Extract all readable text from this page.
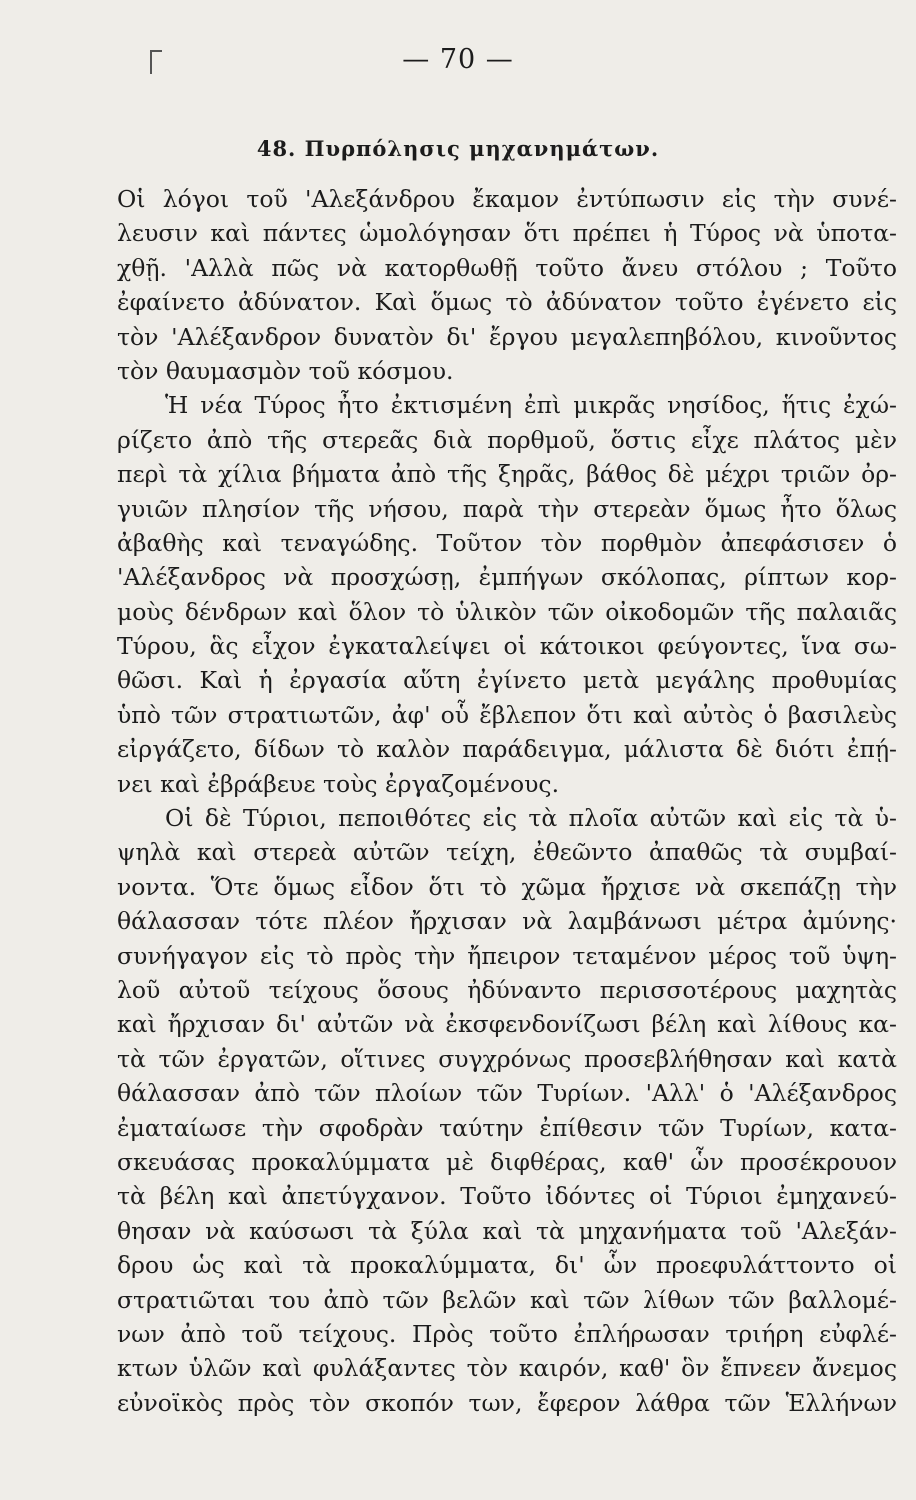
— 70 —
48. Πυρπόλησις μηχανημάτων.
Οἱ λόγοι τοῦ 'Αλεξάνδρου ἔκαμον ἐντύπωσιν εἰς τὴν συνέ-
λευσιν καὶ πάντες ὡμολόγησαν ὅτι πρέπει ἡ Τύρος νὰ ὑποτα-
χθῇ. 'Αλλὰ πῶς νὰ κατορθωθῇ τοῦτο ἄνευ στόλου ; Τοῦτο
ἐφαίνετο ἀδύνατον. Καὶ ὅμως τὸ ἀδύνατον τοῦτο ἐγένετο εἰς
τὸν 'Αλέξανδρον δυνατὸν δι' ἔργου μεγαλεπηβόλου, κινοῦντος
τὸν θαυμασμὸν τοῦ κόσμου.
Ἡ νέα Τύρος ἦτο ἐκτισμένη ἐπὶ μικρᾶς νησίδος, ἥτις ἐχώ-
ρίζετο ἀπὸ τῆς στερεᾶς διὰ πορθμοῦ, ὅστις εἶχε πλάτος μὲν
περὶ τὰ χίλια βήματα ἀπὸ τῆς ξηρᾶς, βάθος δὲ μέχρι τριῶν ὀρ-
γυιῶν πλησίον τῆς νήσου, παρὰ τὴν στερεὰν ὅμως ἦτο ὅλως
ἀβαθὴς καὶ τεναγώδης. Τοῦτον τὸν πορθμὸν ἀπεφάσισεν ὁ
'Αλέξανδρος νὰ προσχώσῃ, ἐμπήγων σκόλοπας, ρίπτων κορ-
μοὺς δένδρων καὶ ὅλον τὸ ὑλικὸν τῶν οἰκοδομῶν τῆς παλαιᾶς
Τύρου, ἃς εἶχον ἐγκαταλείψει οἱ κάτοικοι φεύγοντες, ἵνα σω-
θῶσι. Καὶ ἡ ἐργασία αὕτη ἐγίνετο μετὰ μεγάλης προθυμίας
ὑπὸ τῶν στρατιωτῶν, ἀφ' οὗ ἔβλεπον ὅτι καὶ αὐτὸς ὁ βασιλεὺς
εἰργάζετο, δίδων τὸ καλὸν παράδειγμα, μάλιστα δὲ διότι ἐπῄ-
νει καὶ ἐβράβευε τοὺς ἐργαζομένους.
Οἱ δὲ Τύριοι, πεποιθότες εἰς τὰ πλοῖα αὐτῶν καὶ εἰς τὰ ὑ-
ψηλὰ καὶ στερεὰ αὐτῶν τείχη, ἐθεῶντο ἀπαθῶς τὰ συμβαί-
νοντα. Ὅτε ὅμως εἶδον ὅτι τὸ χῶμα ἤρχισε νὰ σκεπάζῃ τὴν
θάλασσαν τότε πλέον ἤρχισαν νὰ λαμβάνωσι μέτρα ἀμύνης·
συνήγαγον εἰς τὸ πρὸς τὴν ἤπειρον τεταμένον μέρος τοῦ ὑψη-
λοῦ αὐτοῦ τείχους ὅσους ἠδύναντο περισσοτέρους μαχητὰς
καὶ ἤρχισαν δι' αὐτῶν νὰ ἐκσφενδονίζωσι βέλη καὶ λίθους κα-
τὰ τῶν ἐργατῶν, οἵτινες συγχρόνως προσεβλήθησαν καὶ κατὰ
θάλασσαν ἀπὸ τῶν πλοίων τῶν Τυρίων. 'Αλλ' ὁ 'Αλέξανδρος
ἐματαίωσε τὴν σφοδρὰν ταύτην ἐπίθεσιν τῶν Τυρίων, κατα-
σκευάσας προκαλύμματα μὲ διφθέρας, καθ' ὧν προσέκρουον
τὰ βέλη καὶ ἀπετύγχανον. Τοῦτο ἰδόντες οἱ Τύριοι ἐμηχανεύ-
θησαν νὰ καύσωσι τὰ ξύλα καὶ τὰ μηχανήματα τοῦ 'Αλεξάν-
δρου ὡς καὶ τὰ προκαλύμματα, δι' ὧν προεφυλάττοντο οἱ
στρατιῶται του ἀπὸ τῶν βελῶν καὶ τῶν λίθων τῶν βαλλομέ-
νων ἀπὸ τοῦ τείχους. Πρὸς τοῦτο ἐπλήρωσαν τριήρη εὐφλέ-
κτων ὑλῶν καὶ φυλάξαντες τὸν καιρόν, καθ' ὃν ἔπνεεν ἄνεμος
εὐνοϊκὸς πρὸς τὸν σκοπόν των, ἔφερον λάθρα τῶν Ἑλλήνων
